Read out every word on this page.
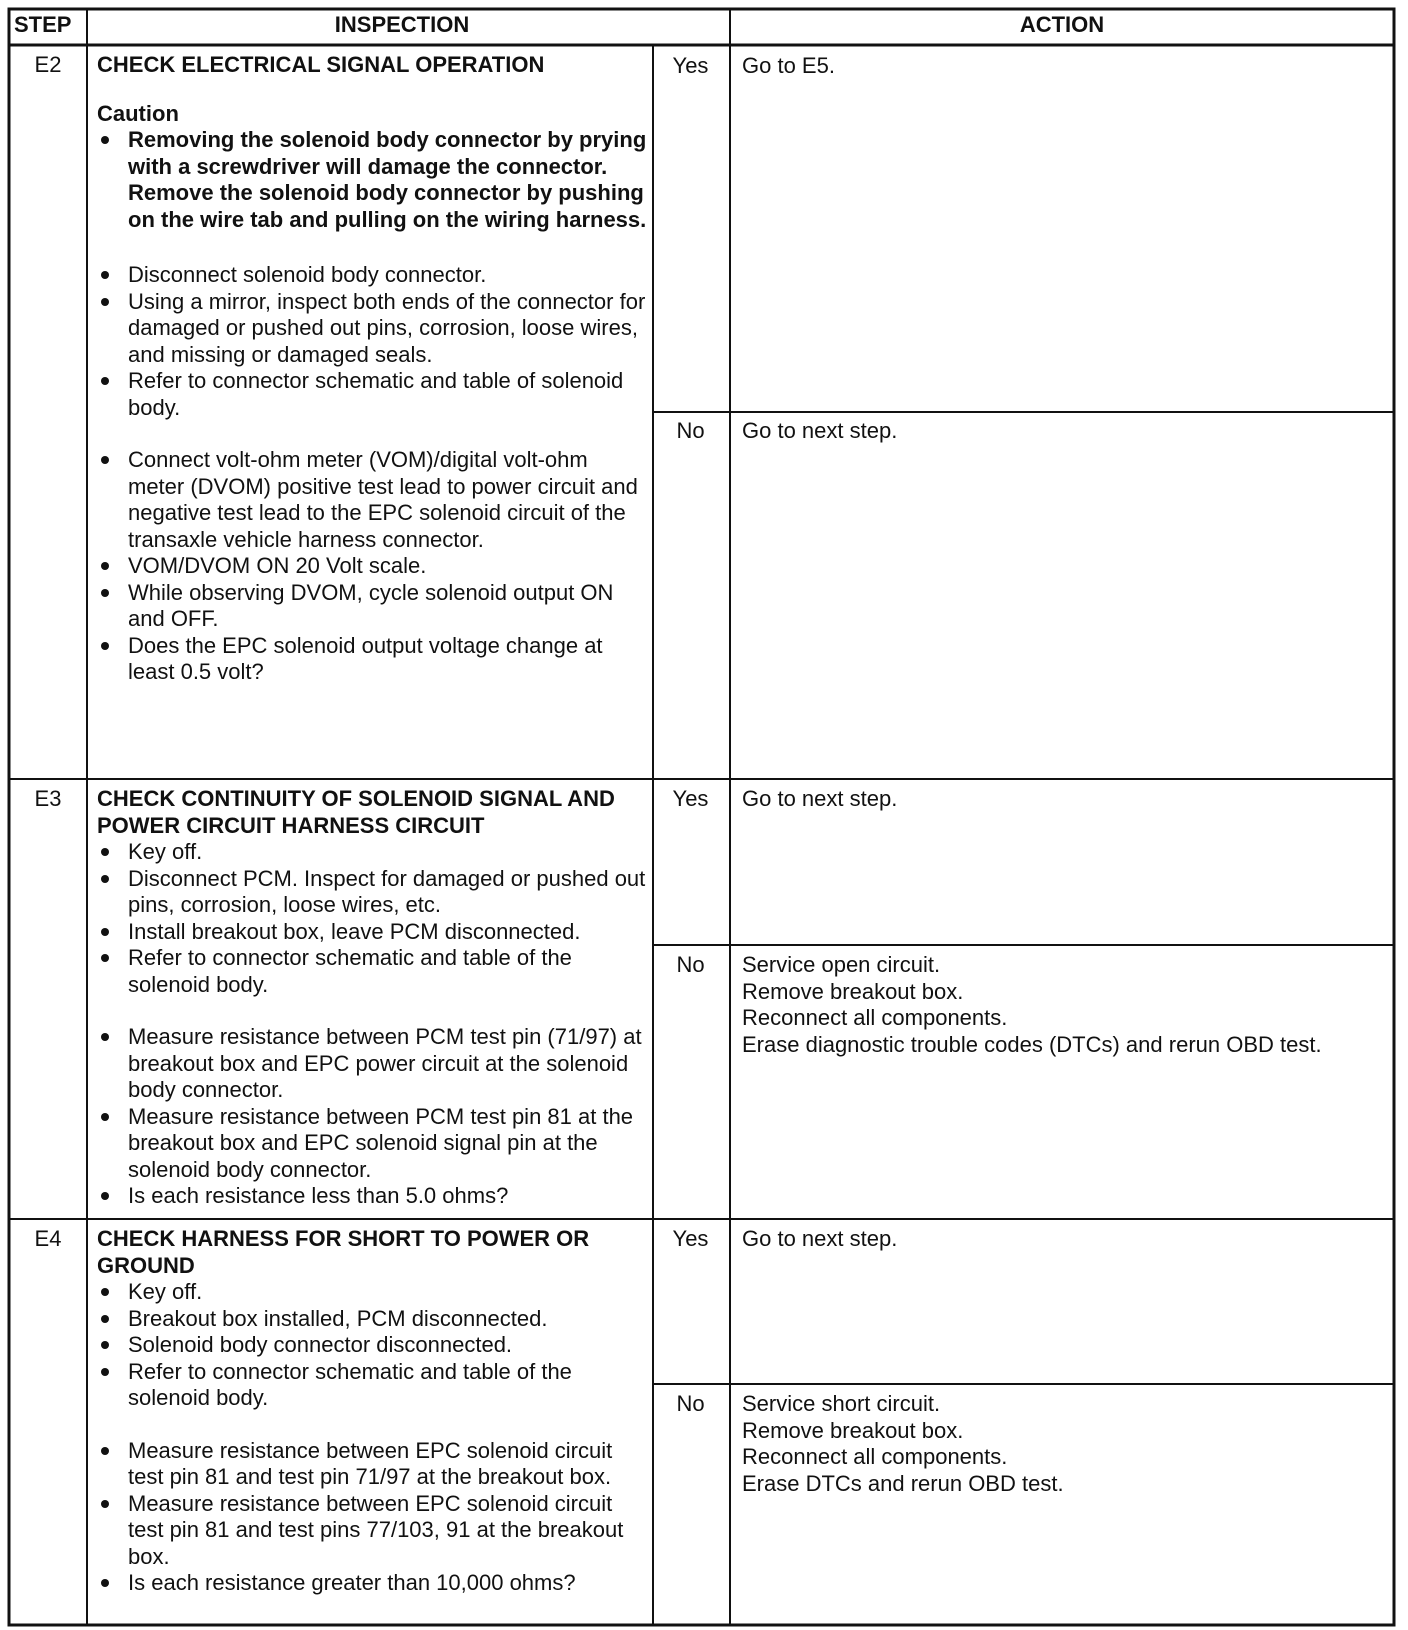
STEP	INSPECTION	ACTION
E2	CHECK ELECTRICAL SIGNAL OPERATION
Caution
Removing the solenoid body connector by prying with a screwdriver will damage the connector. Remove the solenoid body connector by pushing on the wire tab and pulling on the wiring harness.
Disconnect solenoid body connector.
Using a mirror, inspect both ends of the connector for damaged or pushed out pins, corrosion, loose wires, and missing or damaged seals.
Refer to connector schematic and table of solenoid body.
Connect volt-ohm meter (VOM)/digital volt-ohm meter (DVOM) positive test lead to power circuit and negative test lead to the EPC solenoid circuit of the transaxle vehicle harness connector.
VOM/DVOM ON 20 Volt scale.
While observing DVOM, cycle solenoid output ON and OFF.
Does the EPC solenoid output voltage change at least 0.5 volt?
Yes	Go to E5.
No	Go to next step.
E3	CHECK CONTINUITY OF SOLENOID SIGNAL AND POWER CIRCUIT HARNESS CIRCUIT
Key off.
Disconnect PCM. Inspect for damaged or pushed out pins, corrosion, loose wires, etc.
Install breakout box, leave PCM disconnected.
Refer to connector schematic and table of the solenoid body.
Measure resistance between PCM test pin (71/97) at breakout box and EPC power circuit at the solenoid body connector.
Measure resistance between PCM test pin 81 at the breakout box and EPC solenoid signal pin at the solenoid body connector.
Is each resistance less than 5.0 ohms?
Yes	Go to next step.
No	Service open circuit.
Remove breakout box.
Reconnect all components.
Erase diagnostic trouble codes (DTCs) and rerun OBD test.
E4	CHECK HARNESS FOR SHORT TO POWER OR GROUND
Key off.
Breakout box installed, PCM disconnected.
Solenoid body connector disconnected.
Refer to connector schematic and table of the solenoid body.
Measure resistance between EPC solenoid circuit test pin 81 and test pin 71/97 at the breakout box.
Measure resistance between EPC solenoid circuit test pin 81 and test pins 77/103, 91 at the breakout box.
Is each resistance greater than 10,000 ohms?
Yes	Go to next step.
No	Service short circuit.
Remove breakout box.
Reconnect all components.
Erase DTCs and rerun OBD test.
